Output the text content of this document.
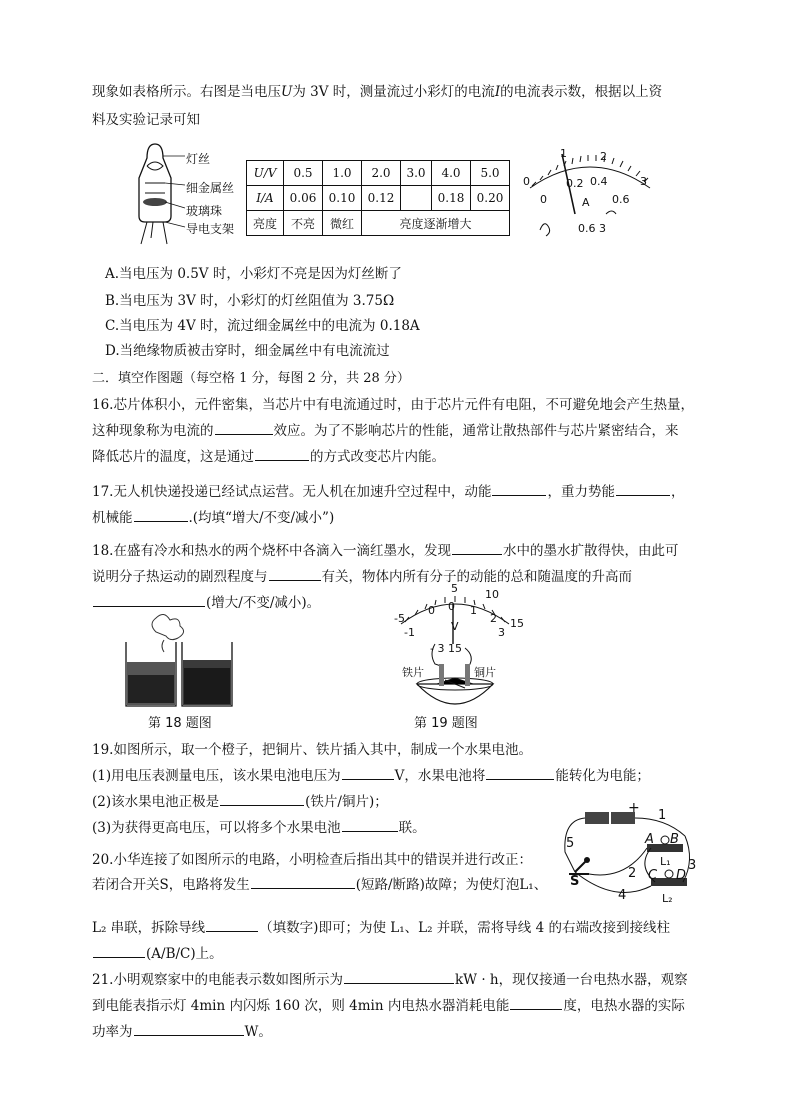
现象如表格所示。右图是当电压U为 3V 时，测量流过小彩灯的电流I的电流表示数，根据以上资
料及实验记录可知
灯丝
细金属丝
玻璃珠
导电支架
U/V	0.5	1.0	2.0	3.0	4.0	5.0
I/A	0.06	0.10	0.12		0.18	0.20
亮度	不亮	微红	亮度逐渐增大			
0
1	2
3
0
0.2 0.4
0.6
A
0.6 3
A.当电压为 0.5V 时，小彩灯不亮是因为灯丝断了
B.当电压为 3V 时，小彩灯的灯丝阻值为 3.75Ω
C.当电压为 4V 时，流过细金属丝中的电流为 0.18A
D.当绝缘物质被击穿时，细金属丝中有电流流过
二．填空作图题（每空格 1 分，每图 2 分，共 28 分）
16.芯片体积小，元件密集，当芯片中有电流通过时，由于芯片元件有电阻，不可避免地会产生热量，
这种现象称为电流的	效应。为了不影响芯片的性能，通常让散热部件与芯片紧密结合，来
降低芯片的温度，这是通过	的方式改变芯片内能。
17.无人机快递投递已经试点运营。无人机在加速升空过程中，动能	，重力势能	，
机械能	.(均填“增大/不变/减小”)
18.在盛有冷水和热水的两个烧杯中各滴入一滴红墨水，发现	水中的墨水扩散得快，由此可
说明分子热运动的剧烈程度与	有关，物体内所有分子的动能的总和随温度的升高而
(增大/不变/减小)。
第 18 题图
-5
5 10
15
-1
0 0 1
2
3
V
- 3 15
铁片	铜片
第 19 题图
19.如图所示，取一个橙子，把铜片、铁片插入其中，制成一个水果电池。
(1)用电压表测量电压，该水果电池电压为	V，水果电池将	能转化为电能；
(2)该水果电池正极是	(铁片/铜片)；
(3)为获得更高电压，可以将多个水果电池	联。
+ 1
2
3
4
5	A B
L₁
C D
L₂
S
20.小华连接了如图所示的电路，小明检查后指出其中的错误并进行改正：
若闭合开关S，电路将发生	(短路/断路)故障；为使灯泡L₁、
L₂ 串联，拆除导线	（填数字)即可；为使 L₁、L₂ 并联，需将导线 4 的右端改接到接线柱
(A/B/C)上。
21.小明观察家中的电能表示数如图所示为	kW · h，现仅接通一台电热水器，观察
到电能表指示灯 4min 内闪烁 160 次，则 4min 内电热水器消耗电能	度，电热水器的实际
功率为	W。
